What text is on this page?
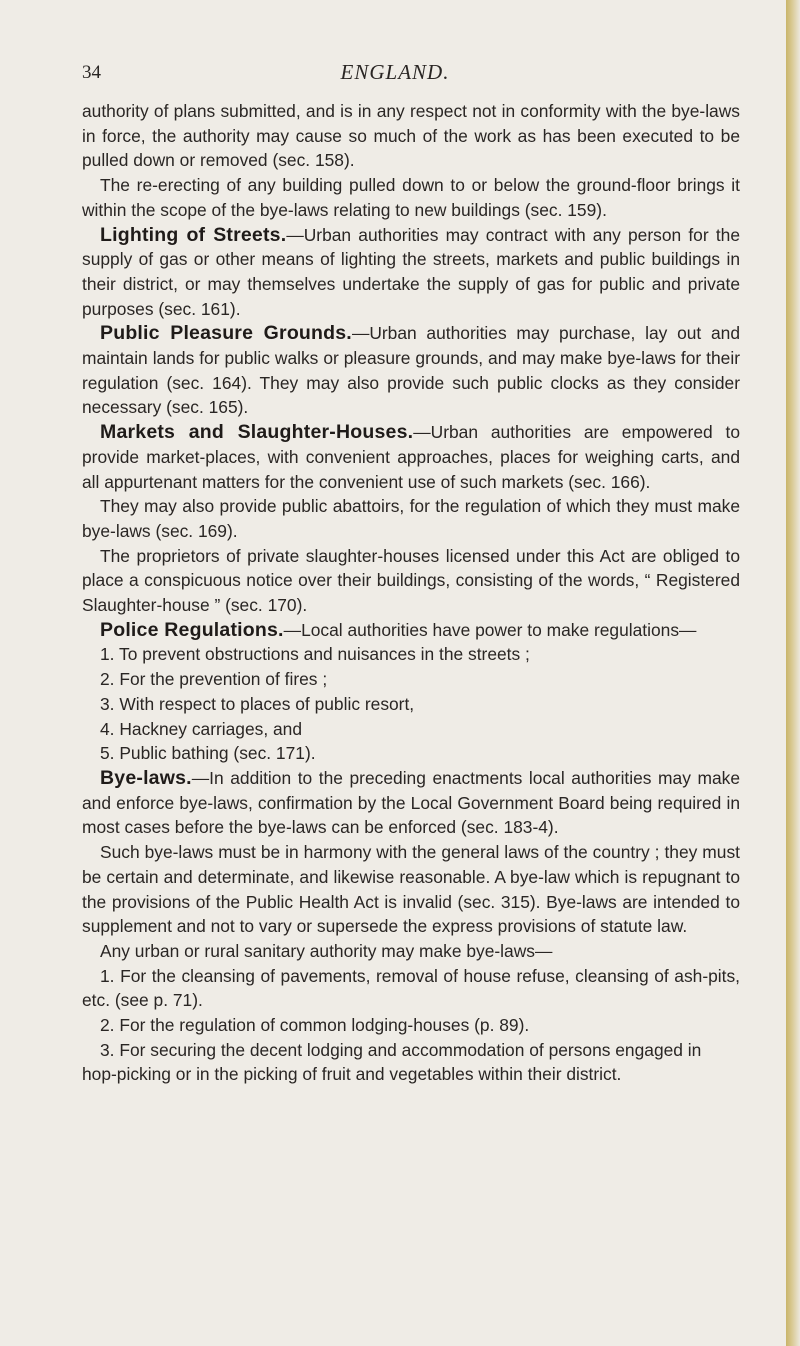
34	ENGLAND.

authority of plans submitted, and is in any respect not in conformity with the bye-laws in force, the authority may cause so much of the work as has been executed to be pulled down or removed (sec. 158).

The re-erecting of any building pulled down to or below the ground-floor brings it within the scope of the bye-laws relating to new buildings (sec. 159).

Lighting of Streets.—Urban authorities may contract with any person for the supply of gas or other means of lighting the streets, markets and public buildings in their district, or may themselves undertake the supply of gas for public and private purposes (sec. 161).

Public Pleasure Grounds.—Urban authorities may purchase, lay out and maintain lands for public walks or pleasure grounds, and may make bye-laws for their regulation (sec. 164). They may also provide such public clocks as they consider necessary (sec. 165).

Markets and Slaughter-Houses.—Urban authorities are empowered to provide market-places, with convenient approaches, places for weighing carts, and all appurtenant matters for the convenient use of such markets (sec. 166).

They may also provide public abattoirs, for the regulation of which they must make bye-laws (sec. 169).

The proprietors of private slaughter-houses licensed under this Act are obliged to place a conspicuous notice over their buildings, consisting of the words, “ Registered Slaughter-house ” (sec. 170).

Police Regulations.—Local authorities have power to make regulations—

1. To prevent obstructions and nuisances in the streets ;

2. For the prevention of fires ;

3. With respect to places of public resort,

4. Hackney carriages, and

5. Public bathing (sec. 171).

Bye-laws.—In addition to the preceding enactments local authorities may make and enforce bye-laws, confirmation by the Local Government Board being required in most cases before the bye-laws can be enforced (sec. 183-4).

Such bye-laws must be in harmony with the general laws of the country ; they must be certain and determinate, and likewise reasonable. A bye-law which is repugnant to the provisions of the Public Health Act is invalid (sec. 315). Bye-laws are intended to supplement and not to vary or supersede the express provisions of statute law.

Any urban or rural sanitary authority may make bye-laws—

1. For the cleansing of pavements, removal of house refuse, cleansing of ash-pits, etc. (see p. 71).

2. For the regulation of common lodging-houses (p. 89).

3. For securing the decent lodging and accommodation of persons engaged in hop-picking or in the picking of fruit and vegetables within their district.
